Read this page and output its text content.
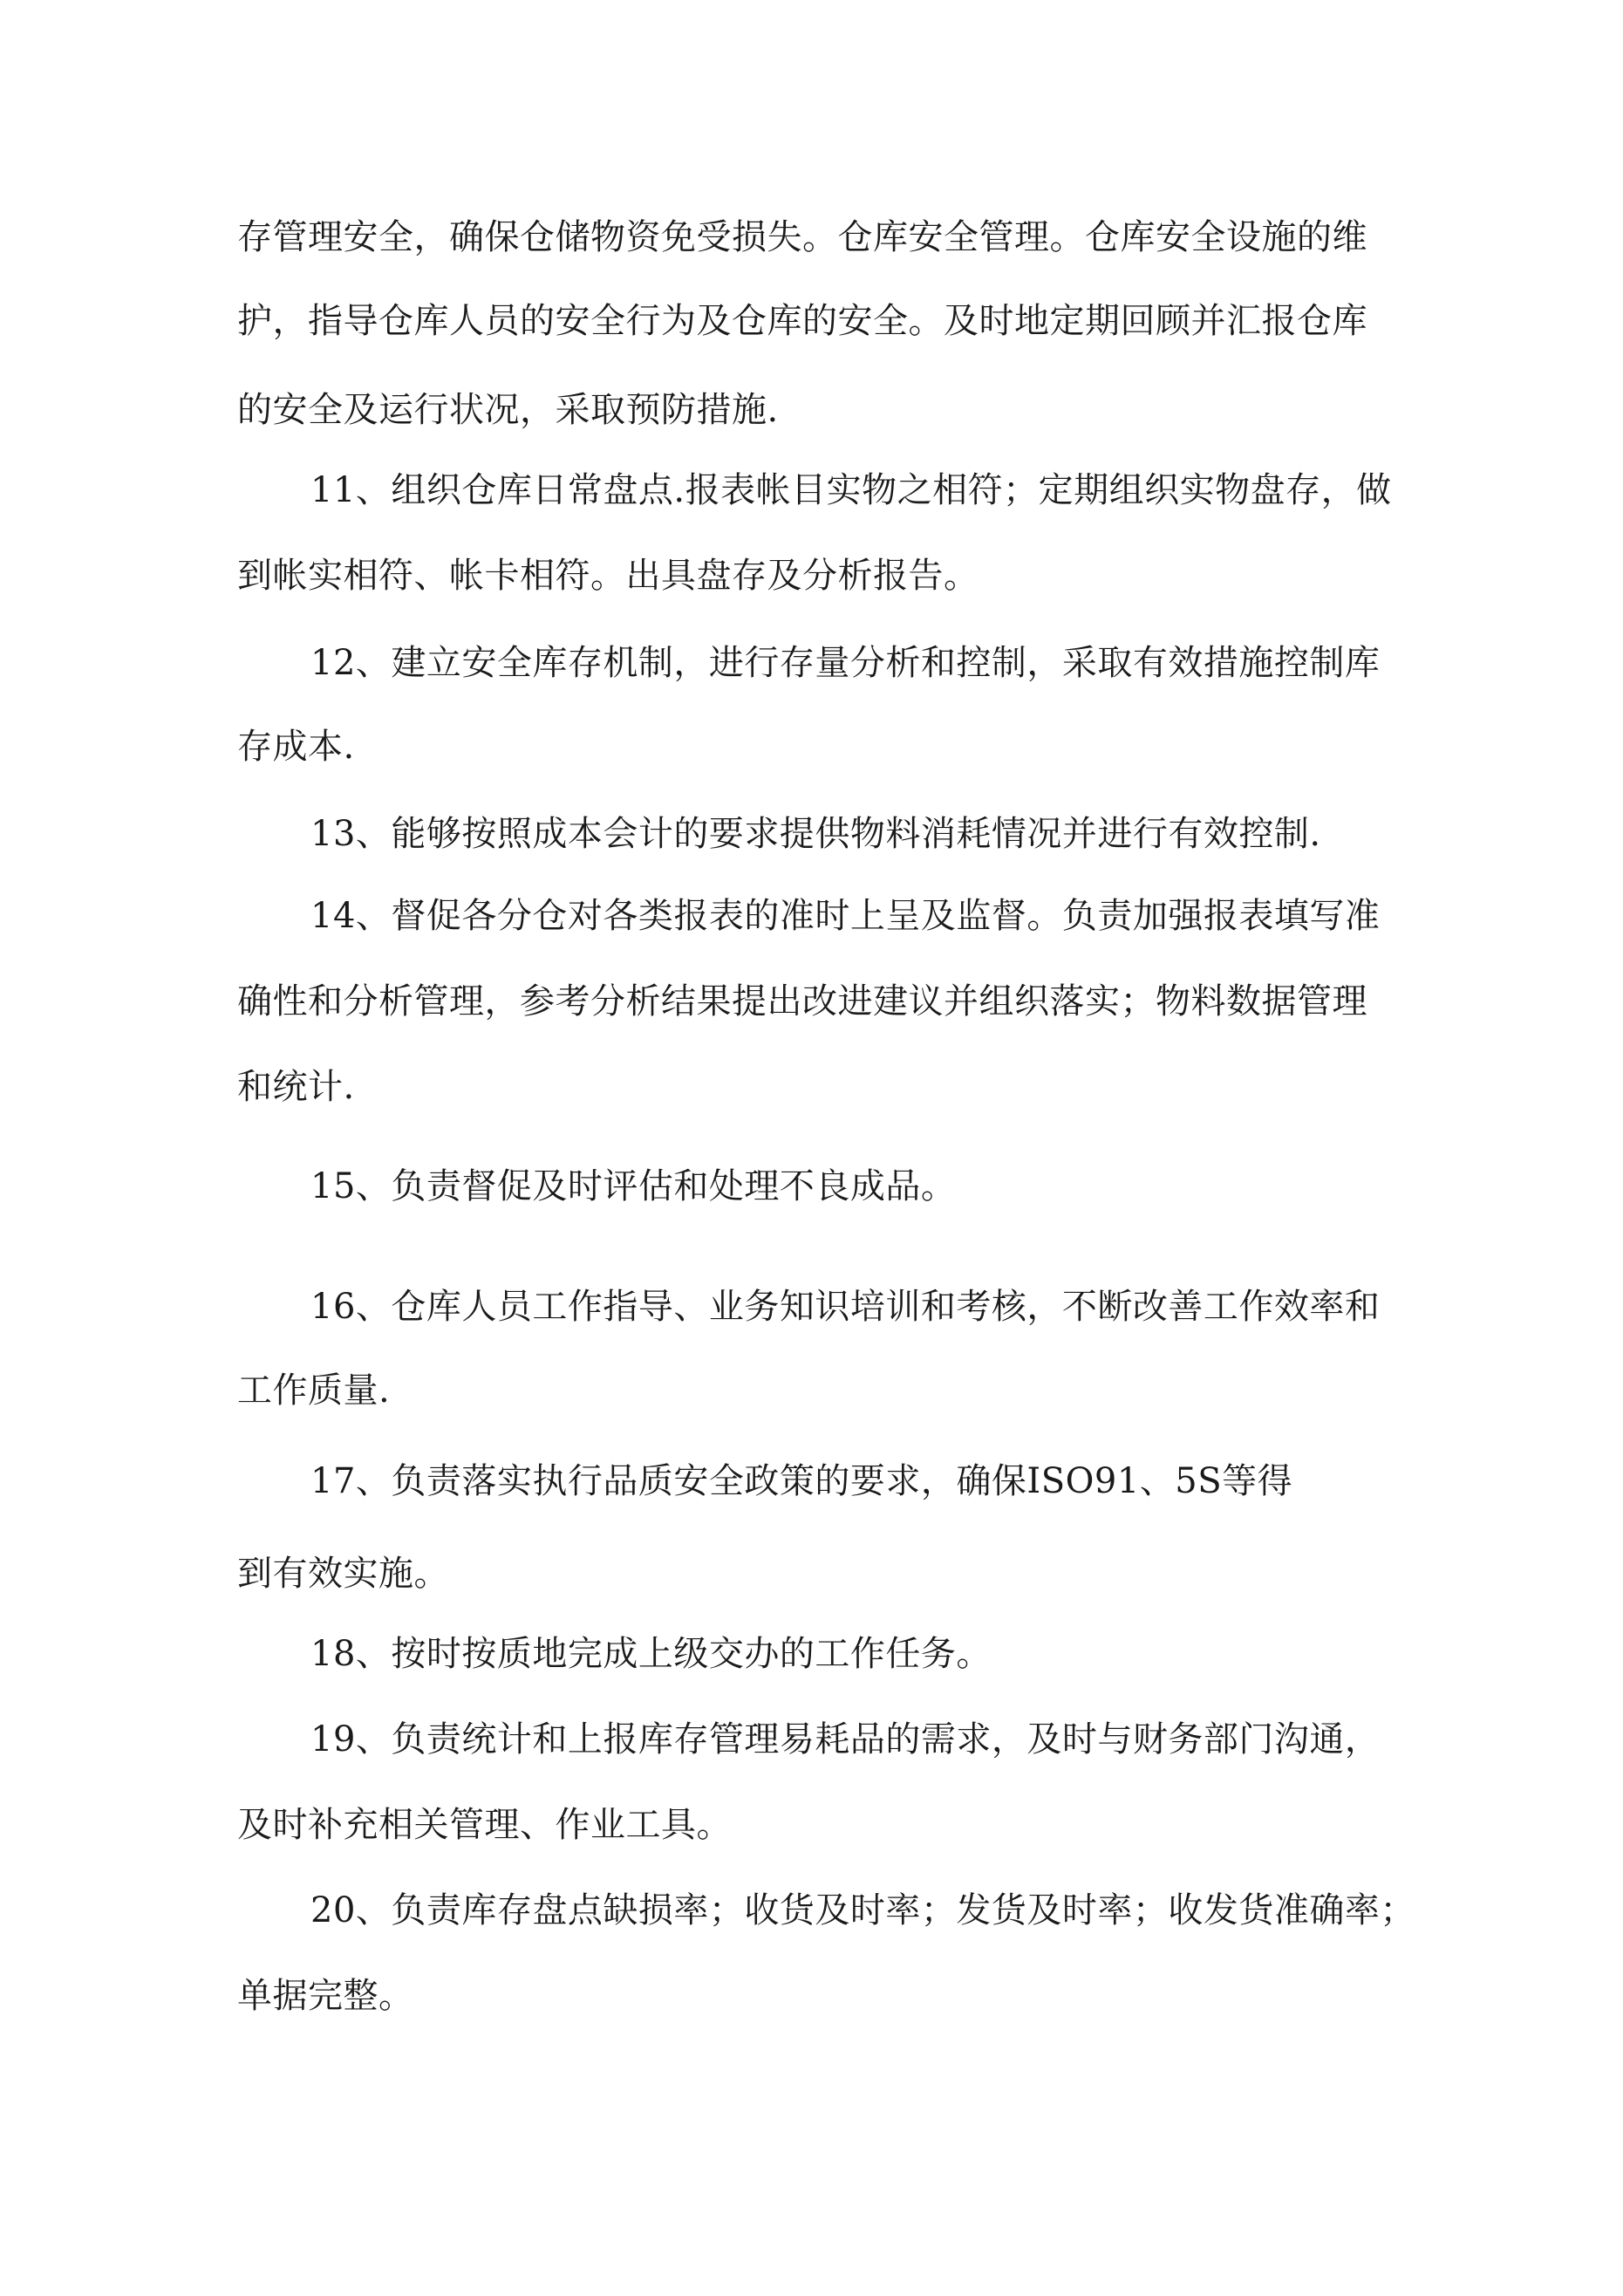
存管理安全，确保仓储物资免受损失。仓库安全管理。仓库安全设施的维

护，指导仓库人员的安全行为及仓库的安全。及时地定期回顾并汇报仓库

的安全及运行状况，采取预防措施.

11、组织仓库日常盘点.报表帐目实物之相符；定期组织实物盘存，做

到帐实相符、帐卡相符。出具盘存及分析报告。

12、建立安全库存机制，进行存量分析和控制，采取有效措施控制库

存成本.

13、能够按照成本会计的要求提供物料消耗情况并进行有效控制.

14、督促各分仓对各类报表的准时上呈及监督。负责加强报表填写准

确性和分析管理，参考分析结果提出改进建议并组织落实；物料数据管理

和统计.

15、负责督促及时评估和处理不良成品。

16、仓库人员工作指导、业务知识培训和考核，不断改善工作效率和

工作质量.

17、负责落实执行品质安全政策的要求，确保ISO91、5S等得

到有效实施。

18、按时按质地完成上级交办的工作任务。

19、负责统计和上报库存管理易耗品的需求，及时与财务部门沟通，

及时补充相关管理、作业工具。

20、负责库存盘点缺损率；收货及时率；发货及时率；收发货准确率；

单据完整。
